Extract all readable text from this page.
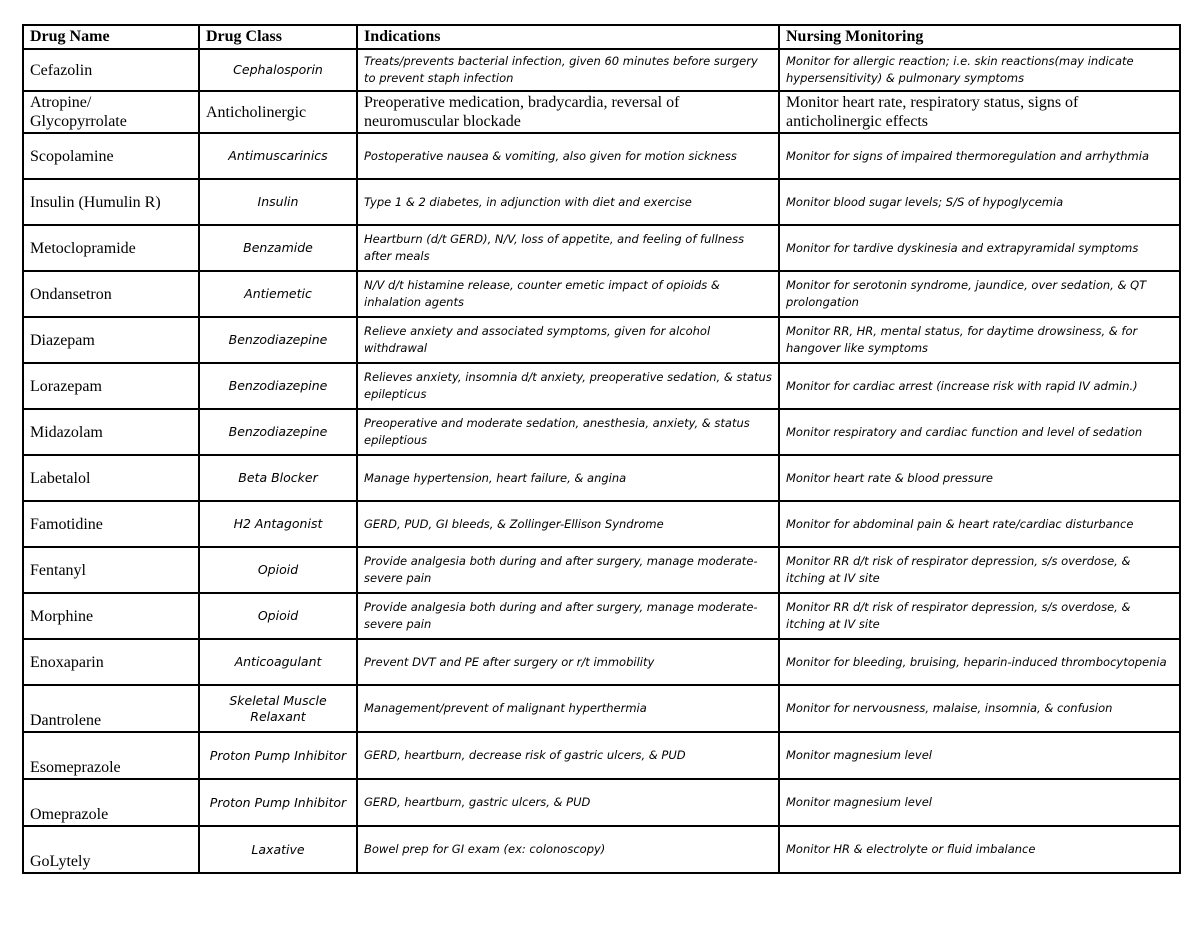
Drug Name	Drug Class	Indications	Nursing Monitoring
Cefazolin	Cephalosporin	Treats/prevents bacterial infection, given 60 minutes before surgery to prevent staph infection	Monitor for allergic reaction; i.e. skin reactions(may indicate hypersensitivity) & pulmonary symptoms
Atropine/ Glycopyrrolate	Anticholinergic	Preoperative medication, bradycardia, reversal of neuromuscular blockade	Monitor heart rate, respiratory status, signs of anticholinergic effects
Scopolamine	Antimuscarinics	Postoperative nausea & vomiting, also given for motion sickness	Monitor for signs of impaired thermoregulation and arrhythmia
Insulin (Humulin R)	Insulin	Type 1 & 2 diabetes, in adjunction with diet and exercise	Monitor blood sugar levels; S/S of hypoglycemia
Metoclopramide	Benzamide	Heartburn (d/t GERD), N/V, loss of appetite, and feeling of fullness after meals	Monitor for tardive dyskinesia and extrapyramidal symptoms
Ondansetron	Antiemetic	N/V d/t histamine release, counter emetic impact of opioids & inhalation agents	Monitor for serotonin syndrome, jaundice, over sedation, & QT prolongation
Diazepam	Benzodiazepine	Relieve anxiety and associated symptoms, given for alcohol withdrawal	Monitor RR, HR, mental status, for daytime drowsiness, & for hangover like symptoms
Lorazepam	Benzodiazepine	Relieves anxiety, insomnia d/t anxiety, preoperative sedation, & status epilepticus	Monitor for cardiac arrest (increase risk with rapid IV admin.)
Midazolam	Benzodiazepine	Preoperative and moderate sedation, anesthesia, anxiety, & status epileptious	Monitor respiratory and cardiac function and level of sedation
Labetalol	Beta Blocker	Manage hypertension, heart failure, & angina	Monitor heart rate & blood pressure
Famotidine	H2 Antagonist	GERD, PUD, GI bleeds, & Zollinger-Ellison Syndrome	Monitor for abdominal pain & heart rate/cardiac disturbance
Fentanyl	Opioid	Provide analgesia both during and after surgery, manage moderate-severe pain	Monitor RR d/t risk of respirator depression, s/s overdose, & itching at IV site
Morphine	Opioid	Provide analgesia both during and after surgery, manage moderate-severe pain	Monitor RR d/t risk of respirator depression, s/s overdose, & itching at IV site
Enoxaparin	Anticoagulant	Prevent DVT and PE after surgery or r/t immobility	Monitor for bleeding, bruising, heparin-induced thrombocytopenia
Dantrolene	Skeletal Muscle Relaxant	Management/prevent of malignant hyperthermia	Monitor for nervousness, malaise, insomnia, & confusion
Esomeprazole	Proton Pump Inhibitor	GERD, heartburn, decrease risk of gastric ulcers, & PUD	Monitor magnesium level
Omeprazole	Proton Pump Inhibitor	GERD, heartburn, gastric ulcers, & PUD	Monitor magnesium level
GoLytely	Laxative	Bowel prep for GI exam (ex: colonoscopy)	Monitor HR & electrolyte or fluid imbalance
